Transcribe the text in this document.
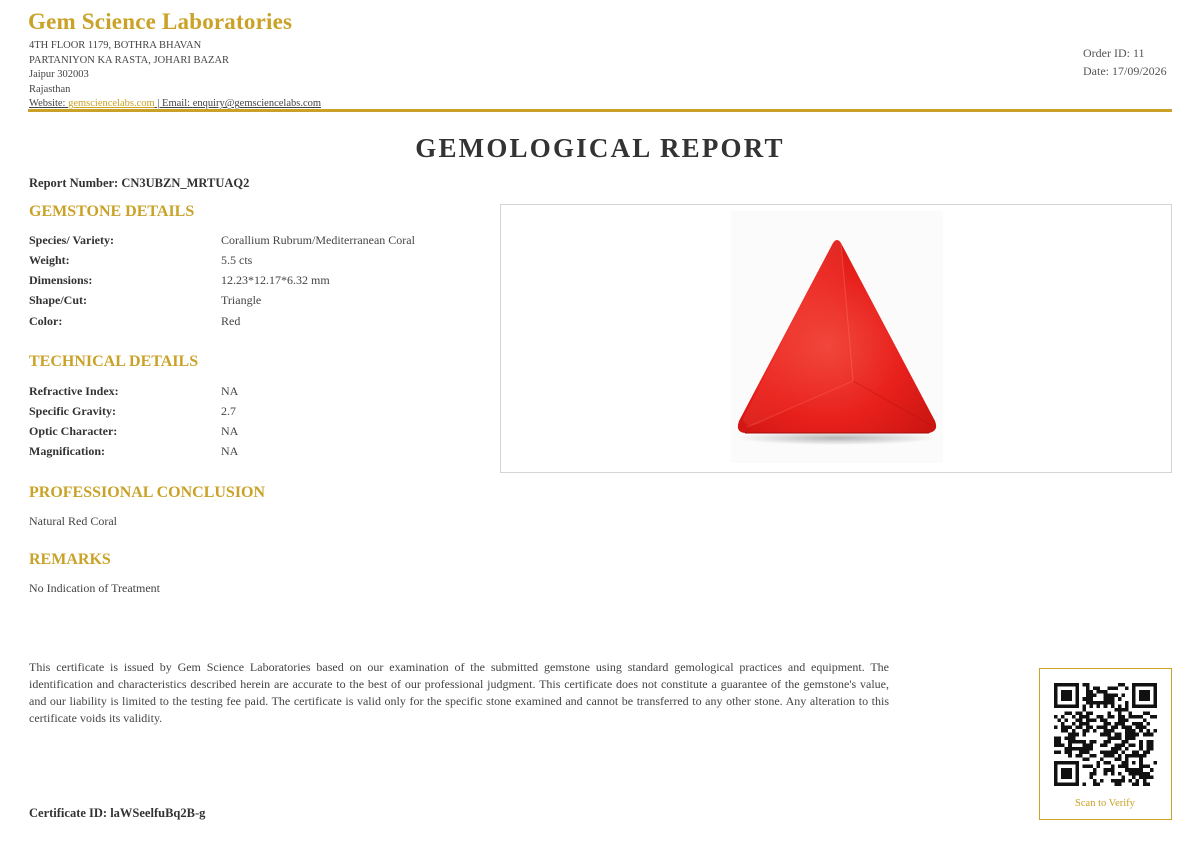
Gem Science Laboratories
4TH FLOOR 1179, BOTHRA BHAVAN
PARTANIYON KA RASTA, JOHARI BAZAR
Jaipur 302003
Rajasthan
Website: gemsciencelabs.com | Email: enquiry@gemsciencelabs.com
Order ID: 11
Date: 17/09/2026
GEMOLOGICAL REPORT
Report Number: CN3UBZN_MRTUAQ2
GEMSTONE DETAILS
Species/ Variety:	Corallium Rubrum/Mediterranean Coral
Weight:	5.5 cts
Dimensions:	12.23*12.17*6.32 mm
Shape/Cut:	Triangle
Color:	Red
TECHNICAL DETAILS
Refractive Index:	NA
Specific Gravity:	2.7
Optic Character:	NA
Magnification:	NA
PROFESSIONAL CONCLUSION
Natural Red Coral
REMARKS
No Indication of Treatment
This certificate is issued by Gem Science Laboratories based on our examination of the submitted gemstone using standard gemological practices and equipment. The identification and characteristics described herein are accurate to the best of our professional judgment. This certificate does not constitute a guarantee of the gemstone's value, and our liability is limited to the testing fee paid. The certificate is valid only for the specific stone examined and cannot be transferred to any other stone. Any alteration to this certificate voids its validity.
Certificate ID: laWSeelfuBq2B-g
Scan to Verify
